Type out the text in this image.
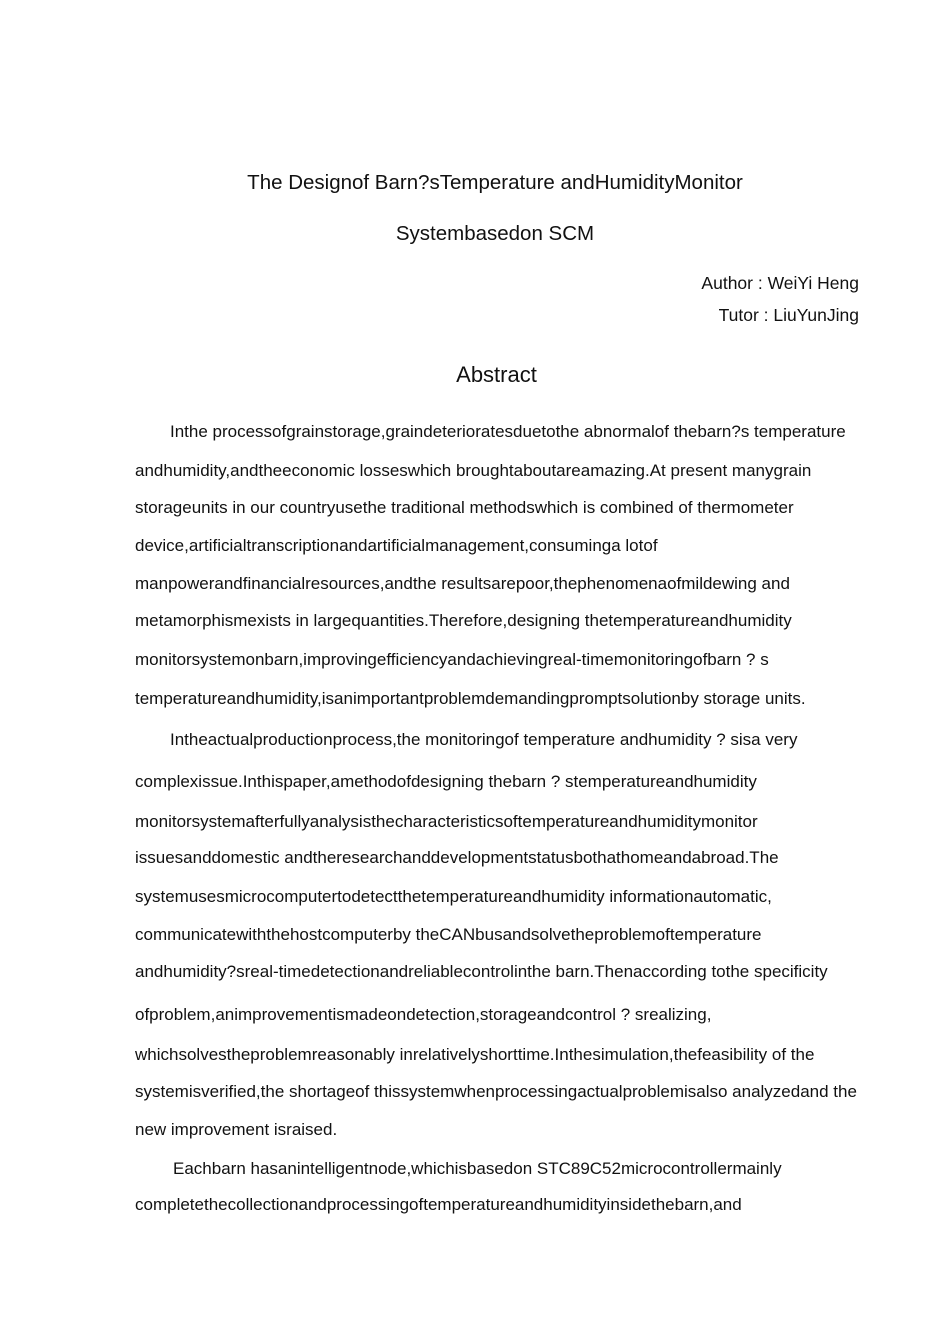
The Designof Barn?sTemperature andHumidityMonitor
Systembasedon SCM
Author : WeiYi Heng
Tutor : LiuYunJing
Abstract
Inthe processofgrainstorage,graindeterioratesduetothe abnormalof thebarn?s temperature
andhumidity,andtheeconomic losseswhich broughtaboutareamazing.At present manygrain
storageunits in our countryusethe traditional methodswhich is combined of thermometer
device,artificialtranscriptionandartificialmanagement,consuminga lotof
manpowerandfinancialresources,andthe resultsarepoor,thephenomenaofmildewing and
metamorphismexists in largequantities.Therefore,designing thetemperatureandhumidity
monitorsystemonbarn,improvingefficiencyandachievingreal-timemonitoringofbarn ? s
temperatureandhumidity,isanimportantproblemdemandingpromptsolutionby storage units.
Intheactualproductionprocess,the monitoringof temperature andhumidity ? sisa very
complexissue.Inthispaper,amethodofdesigning thebarn ? stemperatureandhumidity
monitorsystemafterfullyanalysisthecharacteristicsoftemperatureandhumiditymonitor
issuesanddomestic andtheresearchanddevelopmentstatusbothathomeandabroad.The
systemusesmicrocomputertodetectthetemperatureandhumidity informationautomatic,
communicatewiththehostcomputerby theCANbusandsolvetheproblemoftemperature
andhumidity?sreal-timedetectionandreliablecontrolinthe barn.Thenaccording tothe specificity
ofproblem,animprovementismadeondetection,storageandcontrol ? srealizing,
whichsolvestheproblemreasonably inrelativelyshorttime.Inthesimulation,thefeasibility of the
systemisverified,the shortageof thissystemwhenprocessingactualproblemisalso analyzedand the
new improvement israised.
Eachbarn hasanintelligentnode,whichisbasedon STC89C52microcontrollermainly
completethecollectionandprocessingoftemperatureandhumidityinsidethebarn,and
